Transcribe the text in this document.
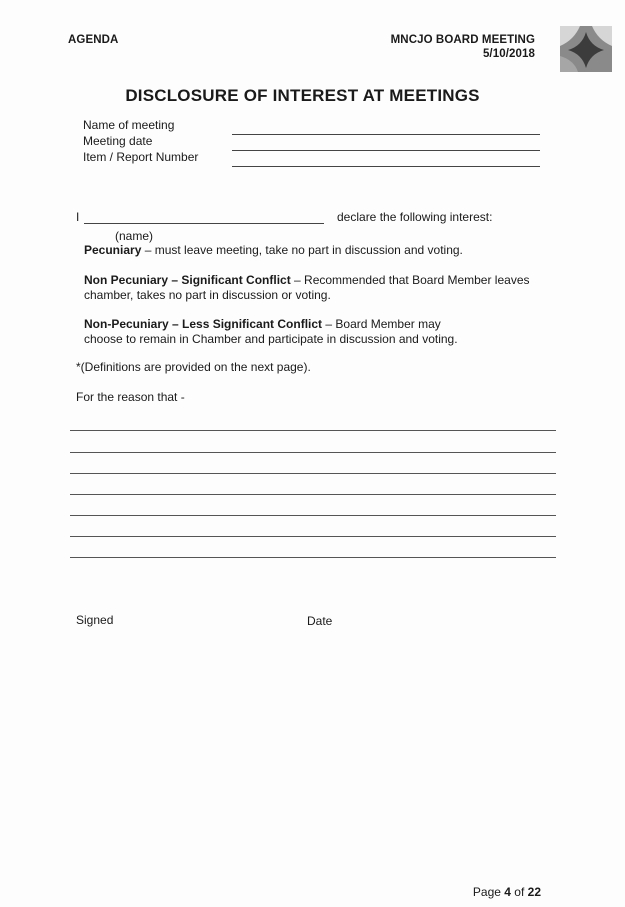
AGENDA	MNCJO BOARD MEETING
5/10/2018
DISCLOSURE OF INTEREST AT MEETINGS
Name of meeting
Meeting date
Item / Report Number
I	declare the following interest:
(name)
Pecuniary – must leave meeting, take no part in discussion and voting.
Non Pecuniary – Significant Conflict – Recommended that Board Member leaves
chamber, takes no part in discussion or voting.
Non-Pecuniary – Less Significant Conflict – Board Member may
choose to remain in Chamber and participate in discussion and voting.
*(Definitions are provided on the next page).
For the reason that -
Signed	Date
Page 4 of 22
